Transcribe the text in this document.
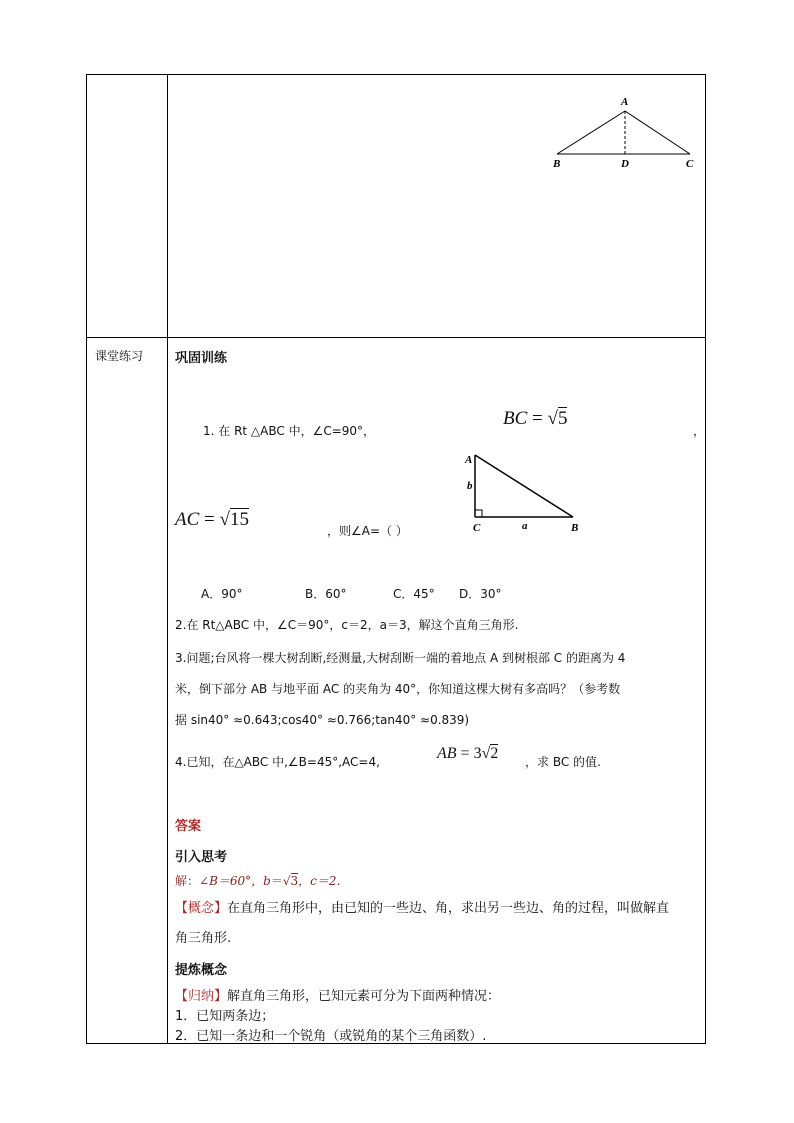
A
B	D	C
课堂练习 巩固训练
1. 在 Rt △ABC 中，∠C=90°，
BC = √5
，
A
b
C	a	B
AC = √15
，则∠A=（ ）
A．90°	B．60°	C．45° D．30°
2.在 Rt△ABC 中，∠C＝90°，c＝2，a＝3，解这个直角三角形.
3.问题;台风将一棵大树刮断,经测量,大树刮断一端的着地点 A 到树根部 C 的距离为 4
米，倒下部分 AB 与地平面 AC 的夹角为 40°，你知道这棵大树有多高吗？（参考数
据 sin40° ≈0.643;cos40° ≈0.766;tan40° ≈0.839)
4.已知，在△ABC 中,∠B=45°,AC=4,	AB = 3√2 ，求 BC 的值.
答案
引入思考
解：∠B＝60°，b＝√3，c＝2．
【概念】在直角三角形中，由已知的一些边、角，求出另一些边、角的过程，叫做解直
角三角形.
提炼概念
【归纳】解直角三角形，已知元素可分为下面两种情况：
1．已知两条边；
2．已知一条边和一个锐角（或锐角的某个三角函数）.
